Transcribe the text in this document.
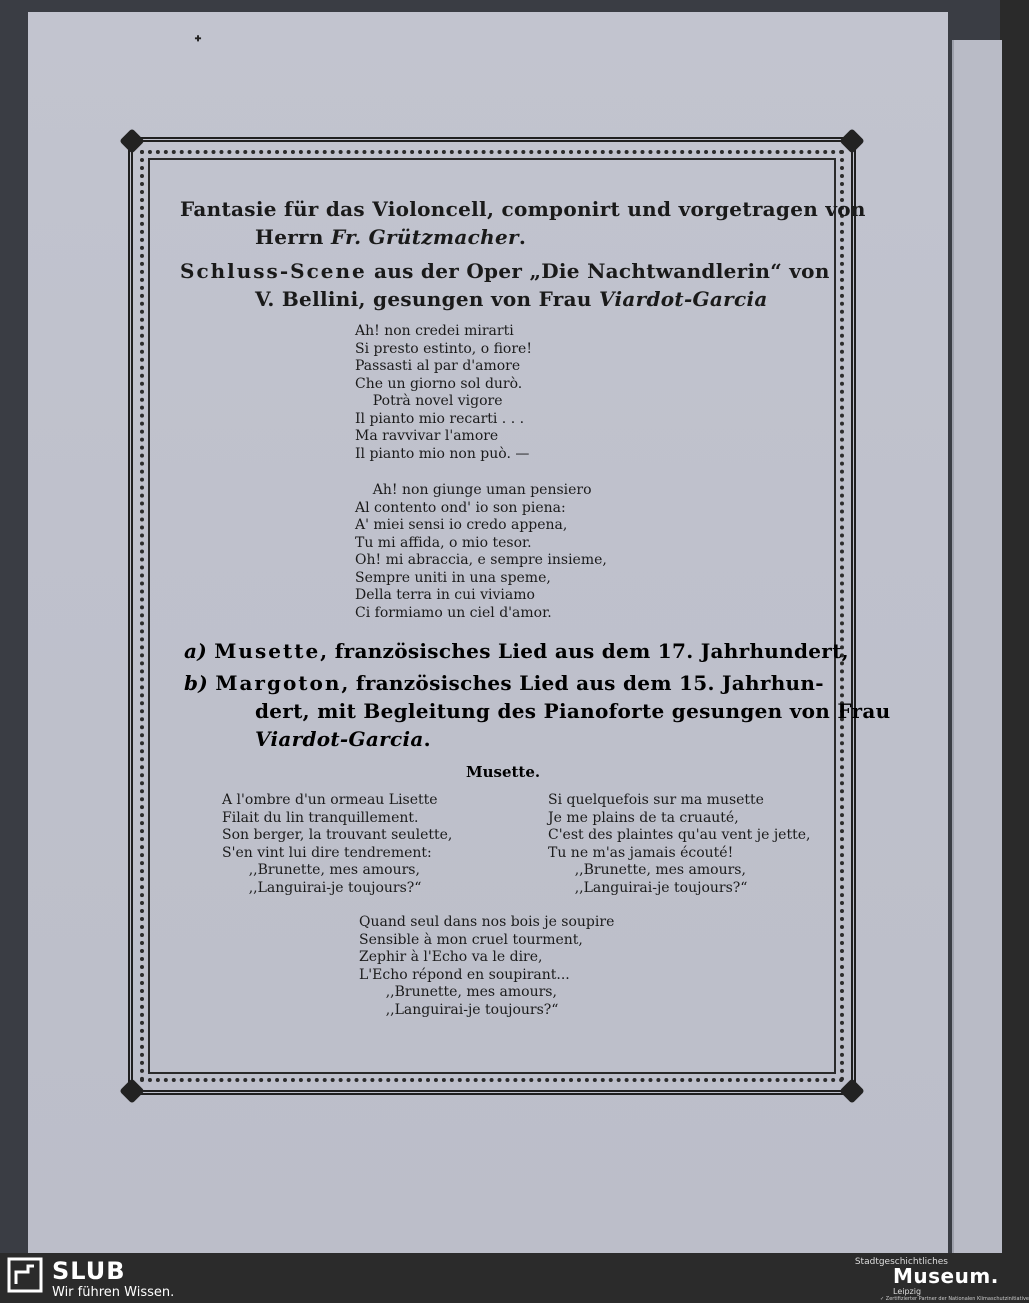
ᐩ
Fantasie für das Violoncell, componirt und vorgetragen von
Herrn Fr. Grützmacher.
Schluss-Scene aus der Oper „Die Nachtwandlerin“ von
V. Bellini, gesungen von Frau Viardot-Garcia
Ah! non credei mirarti
Si presto estinto, o fiore!
Passasti al par d'amore
Che un giorno sol durò.
Potrà novel vigore
Il pianto mio recarti . . .
Ma ravvivar l'amore
Il pianto mio non può. —
Ah! non giunge uman pensiero
Al contento ond' io son piena:
A' miei sensi io credo appena,
Tu mi affida, o mio tesor.
Oh! mi abraccia, e sempre insieme,
Sempre uniti in una speme,
Della terra in cui viviamo
Ci formiamo un ciel d'amor.
a) Musette, französisches Lied aus dem 17. Jahrhundert,
b) Margoton, französisches Lied aus dem 15. Jahrhun-
dert, mit Begleitung des Pianoforte gesungen von Frau
Viardot-Garcia.
Musette.
A l'ombre d'un ormeau Lisette
Filait du lin tranquillement.
Son berger, la trouvant seulette,
S'en vint lui dire tendrement:
,,Brunette, mes amours,
,,Languirai-je toujours?“
Si quelquefois sur ma musette
Je me plains de ta cruauté,
C'est des plaintes qu'au vent je jette,
Tu ne m'as jamais écouté!
,,Brunette, mes amours,
,,Languirai-je toujours?“
Quand seul dans nos bois je soupire
Sensible à mon cruel tourment,
Zephir à l'Echo va le dire,
L'Echo répond en soupirant...
,,Brunette, mes amours,
,,Languirai-je toujours?“
SLUB
Wir führen Wissen.
Stadtgeschichtliches
Museum.
Leipzig
✓ Zertifizierter Partner der Nationalen Klimaschutzinitiative
